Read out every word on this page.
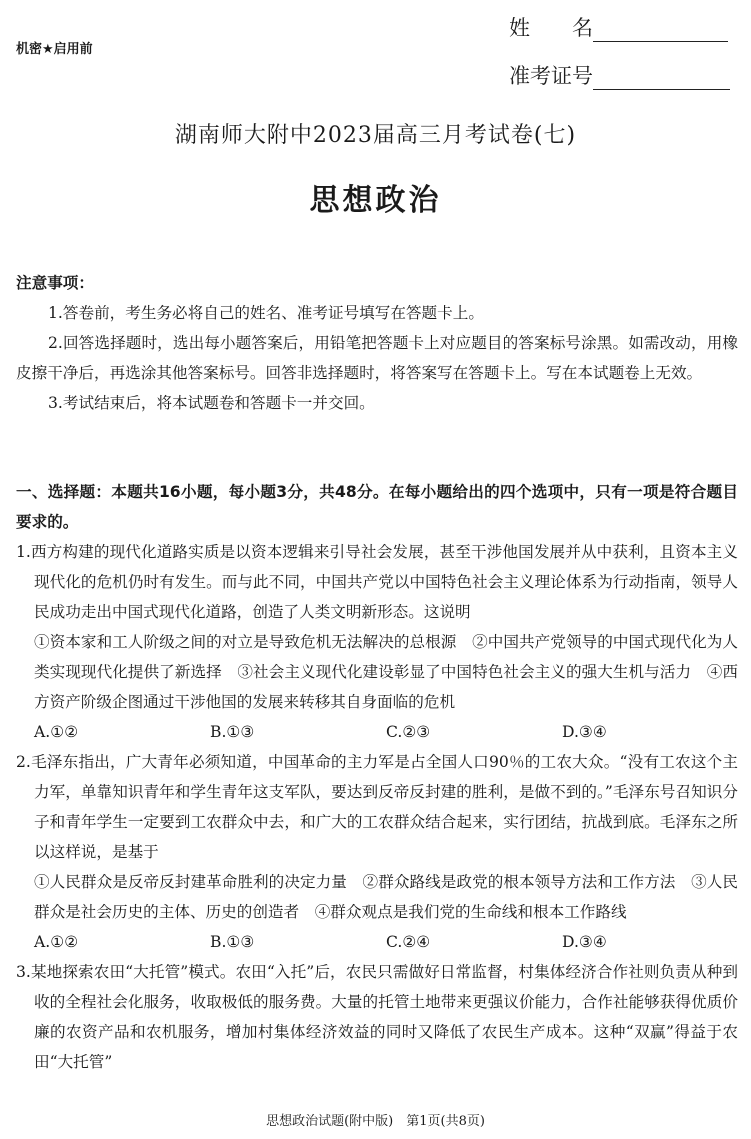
机密★启用前
姓　　名
准考证号
湖南师大附中2023届高三月考试卷(七)
思想政治

注意事项：

1.答卷前，考生务必将自己的姓名、准考证号填写在答题卡上。

2.回答选择题时，选出每小题答案后，用铅笔把答题卡上对应题目的答案标号涂黑。如需改动，用橡皮擦干净后，再选涂其他答案标号。回答非选择题时，将答案写在答题卡上。写在本试题卷上无效。

3.考试结束后，将本试题卷和答题卡一并交回。

一、选择题：本题共16小题，每小题3分，共48分。在每小题给出的四个选项中，只有一项是符合题目要求的。

1.西方构建的现代化道路实质是以资本逻辑来引导社会发展，甚至干涉他国发展并从中获利，且资本主义现代化的危机仍时有发生。而与此不同，中国共产党以中国特色社会主义理论体系为行动指南，领导人民成功走出中国式现代化道路，创造了人类文明新形态。这说明

①资本家和工人阶级之间的对立是导致危机无法解决的总根源　②中国共产党领导的中国式现代化为人类实现现代化提供了新选择　③社会主义现代化建设彰显了中国特色社会主义的强大生机与活力　④西方资产阶级企图通过干涉他国的发展来转移其自身面临的危机

A.①②	B.①③	C.②③	D.③④

2.毛泽东指出，广大青年必须知道，中国革命的主力军是占全国人口90％的工农大众。“没有工农这个主力军，单靠知识青年和学生青年这支军队，要达到反帝反封建的胜利，是做不到的。”毛泽东号召知识分子和青年学生一定要到工农群众中去，和广大的工农群众结合起来，实行团结，抗战到底。毛泽东之所以这样说，是基于

①人民群众是反帝反封建革命胜利的决定力量　②群众路线是政党的根本领导方法和工作方法　③人民群众是社会历史的主体、历史的创造者　④群众观点是我们党的生命线和根本工作路线

A.①②	B.①③	C.②④	D.③④

3.某地探索农田“大托管”模式。农田“入托”后，农民只需做好日常监督，村集体经济合作社则负责从种到收的全程社会化服务，收取极低的服务费。大量的托管土地带来更强议价能力，合作社能够获得优质价廉的农资产品和农机服务，增加村集体经济效益的同时又降低了农民生产成本。这种“双赢”得益于农田“大托管”

思想政治试题(附中版)　第1页(共8页)
